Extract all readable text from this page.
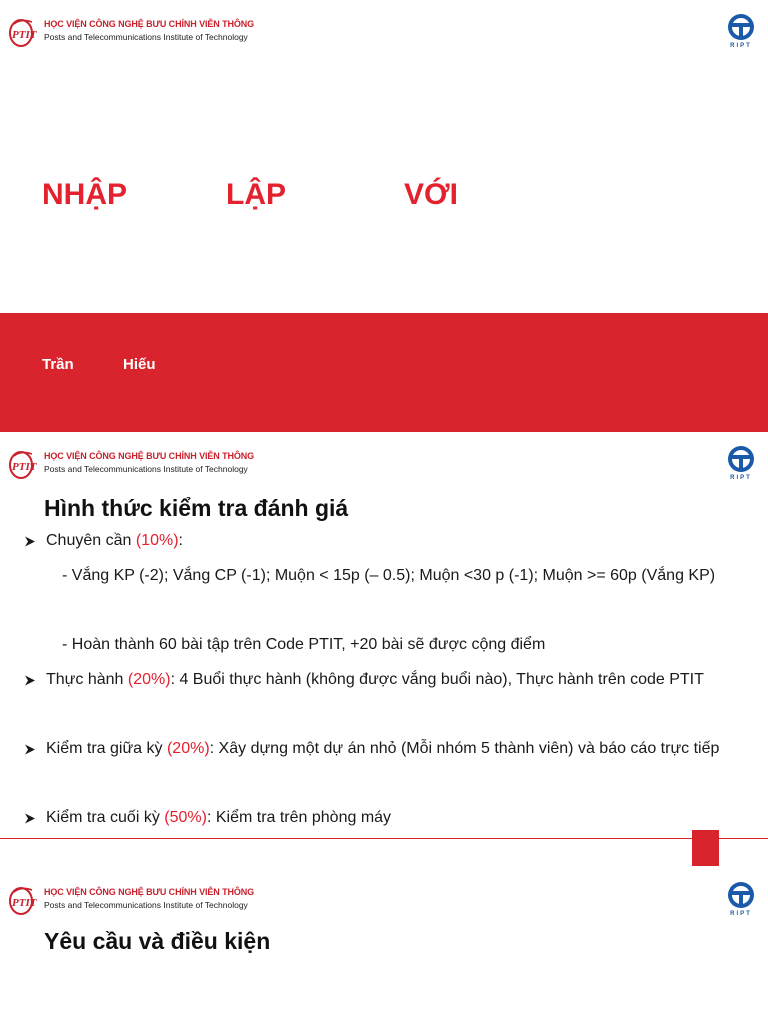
PTIT
HỌC VIỆN CÔNG NGHỆ BƯU CHÍNH VIỄN THÔNG
Posts and Telecommunications Institute of Technology
RIPT
NHẬP	LẬP	VỚI
Trần	Hiếu
PTIT
HỌC VIỆN CÔNG NGHỆ BƯU CHÍNH VIỄN THÔNG
Posts and Telecommunications Institute of Technology
RIPT
Hình thức kiểm tra đánh giá
Chuyên cần (10%):
- Vắng KP (-2); Vắng CP (-1); Muộn < 15p (– 0.5); Muộn <30 p (-1); Muộn >= 60p (Vắng KP)
- Hoàn thành 60 bài tập trên Code PTIT, +20 bài sẽ được cộng điểm
Thực hành (20%): 4 Buổi thực hành (không được vắng buổi nào), Thực hành trên code PTIT
Kiểm tra giữa kỳ (20%): Xây dựng một dự án nhỏ (Mỗi nhóm 5 thành viên) và báo cáo trực tiếp
Kiểm tra cuối kỳ (50%): Kiểm tra trên phòng máy
PTIT
HỌC VIỆN CÔNG NGHỆ BƯU CHÍNH VIỄN THÔNG
Posts and Telecommunications Institute of Technology
RIPT
Yêu cầu và điều kiện
